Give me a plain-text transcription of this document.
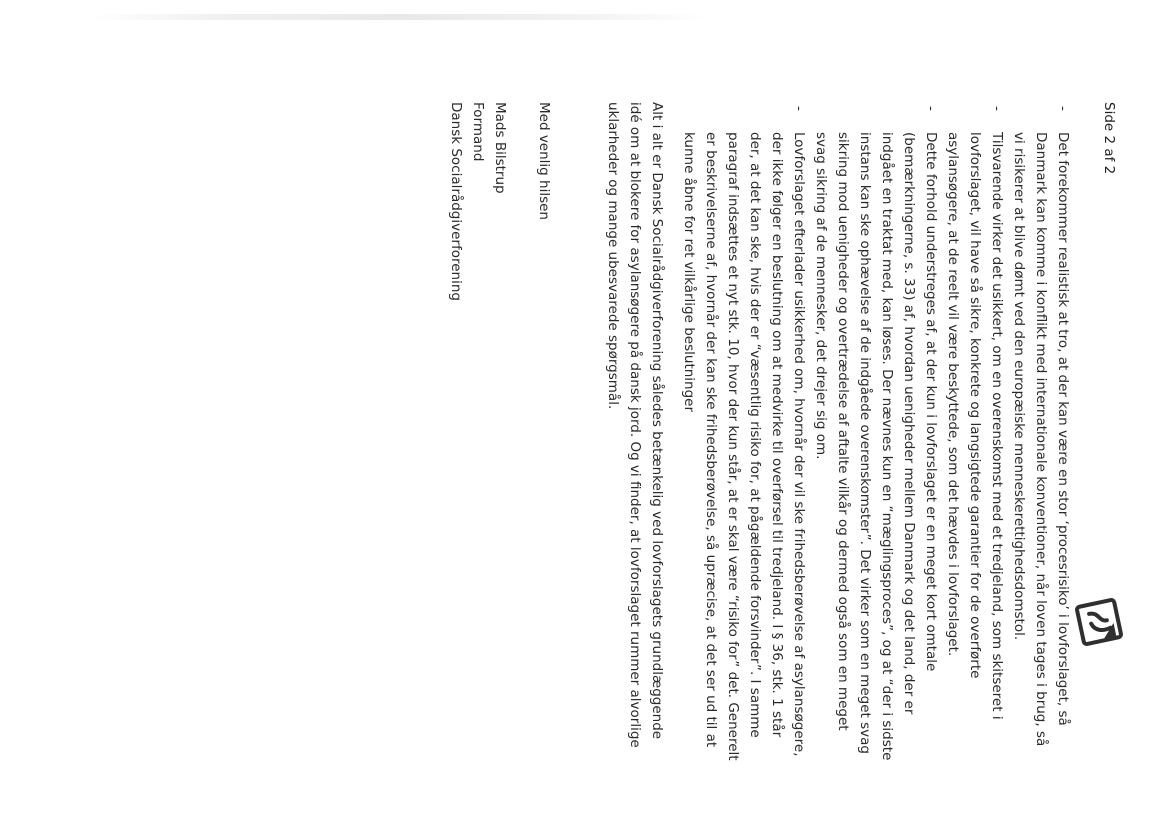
Side 2 af 2
-
Det forekommer realistisk at tro, at der kan være en stor ‘procesrisiko’ i lovforslaget, så Danmark kan komme i konflikt med internationale konventioner, når loven tages i brug, så vi risikerer at blive dømt ved den europæiske menneskerettighedsdomstol.
-
Tilsvarende virker det usikkert, om en overenskomst med et tredjeland, som skitseret i lovforslaget, vil have så sikre, konkrete og langsigtede garantier for de overførte asylansøgere, at de reelt vil være beskyttede, som det hævdes i lovforslaget.
-
Dette forhold understreges af, at der kun i lovforslaget er en meget kort omtale (bemærkningerne, s. 33) af, hvordan uenigheder mellem Danmark og det land, der er indgået en traktat med, kan løses. Der nævnes kun en “mæglingsproces”, og at “der i sidste instans kan ske ophævelse af de indgåede overenskomster”. Det virker som en meget svag sikring mod uenigheder og overtrædelse af aftalte vilkår og dermed også som en meget svag sikring af de mennesker, det drejer sig om.
-
Lovforslaget efterlader usikkerhed om, hvornår der vil ske frihedsberøvelse af asylansøgere, der ikke følger en beslutning om at medvirke til overførsel til tredjeland. I § 36, stk. 1 står der, at det kan ske, hvis der er “væsentlig risiko for, at pågældende forsvinder”. I samme paragraf indsættes et nyt stk. 10, hvor der kun står, at er skal være “risiko for” det. Generelt er beskrivelserne af, hvornår der kan ske frihedsberøvelse, så upræcise, at det ser ud til at kunne åbne for ret vilkårlige beslutninger

Alt i alt er Dansk Socialrådgiverforening således betænkelig ved lovforslagets grundlæggende idé om at blokere for asylansøgere på dansk jord. Og vi finder, at lovforslaget rummer alvorlige uklarheder og mange ubesvarede spørgsmål.

Med venlig hilsen
Mads Bilstrup
Formand
Dansk Socialrådgiverforening
